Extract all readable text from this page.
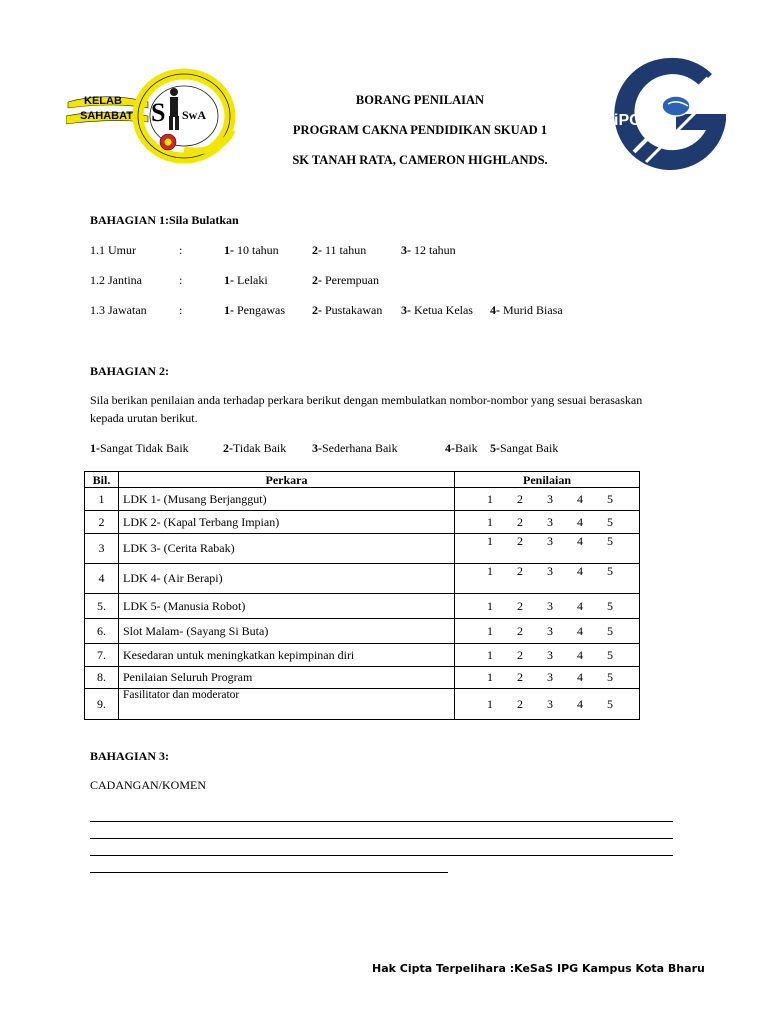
KELAB
SAHABAT S SwA	iPG
BORANG PENILAIAN
PROGRAM CAKNA PENDIDIKAN SKUAD 1
SK TANAH RATA, CAMERON HIGHLANDS.
BAHAGIAN 1:Sila Bulatkan
1.1 Umur	:	1- 10 tahun	2- 11 tahun	3- 12 tahun
1.2 Jantina	:	1- Lelaki	2- Perempuan
1.3 Jawatan	:	1- Pengawas 2- Pustakawan 3- Ketua Kelas 4- Murid Biasa
BAHAGIAN 2:
Sila berikan penilaian anda terhadap perkara berikut dengan membulatkan nombor-nombor yang sesuai berasaskan
kepada urutan berikut.
1-Sangat Tidak Baik	2-Tidak Baik 3-Sederhana Baik	4-Baik 5-Sangat Baik
Bil.	Perkara	Penilaian
1	LDK 1- (Musang Berjanggut)	1 2 3 4 5

2	LDK 2- (Kapal Terbang Impian)	1 2 3 4 5

3	LDK 3- (Cerita Rabak)	1 2 3 4 5

4	LDK 4- (Air Berapi)	1 2 3 4 5

5.	LDK 5- (Manusia Robot)	1 2 3 4 5

6.	Slot Malam- (Sayang Si Buta)	1 2 3 4 5

7.	Kesedaran untuk meningkatkan kepimpinan diri	1 2 3 4 5

8.	Penilaian Seluruh Program	1 2 3 4 5

9.	Fasilitator dan moderator	1 2 3 4 5
BAHAGIAN 3:
CADANGAN/KOMEN
Hak Cipta Terpelihara :KeSaS IPG Kampus Kota Bharu
